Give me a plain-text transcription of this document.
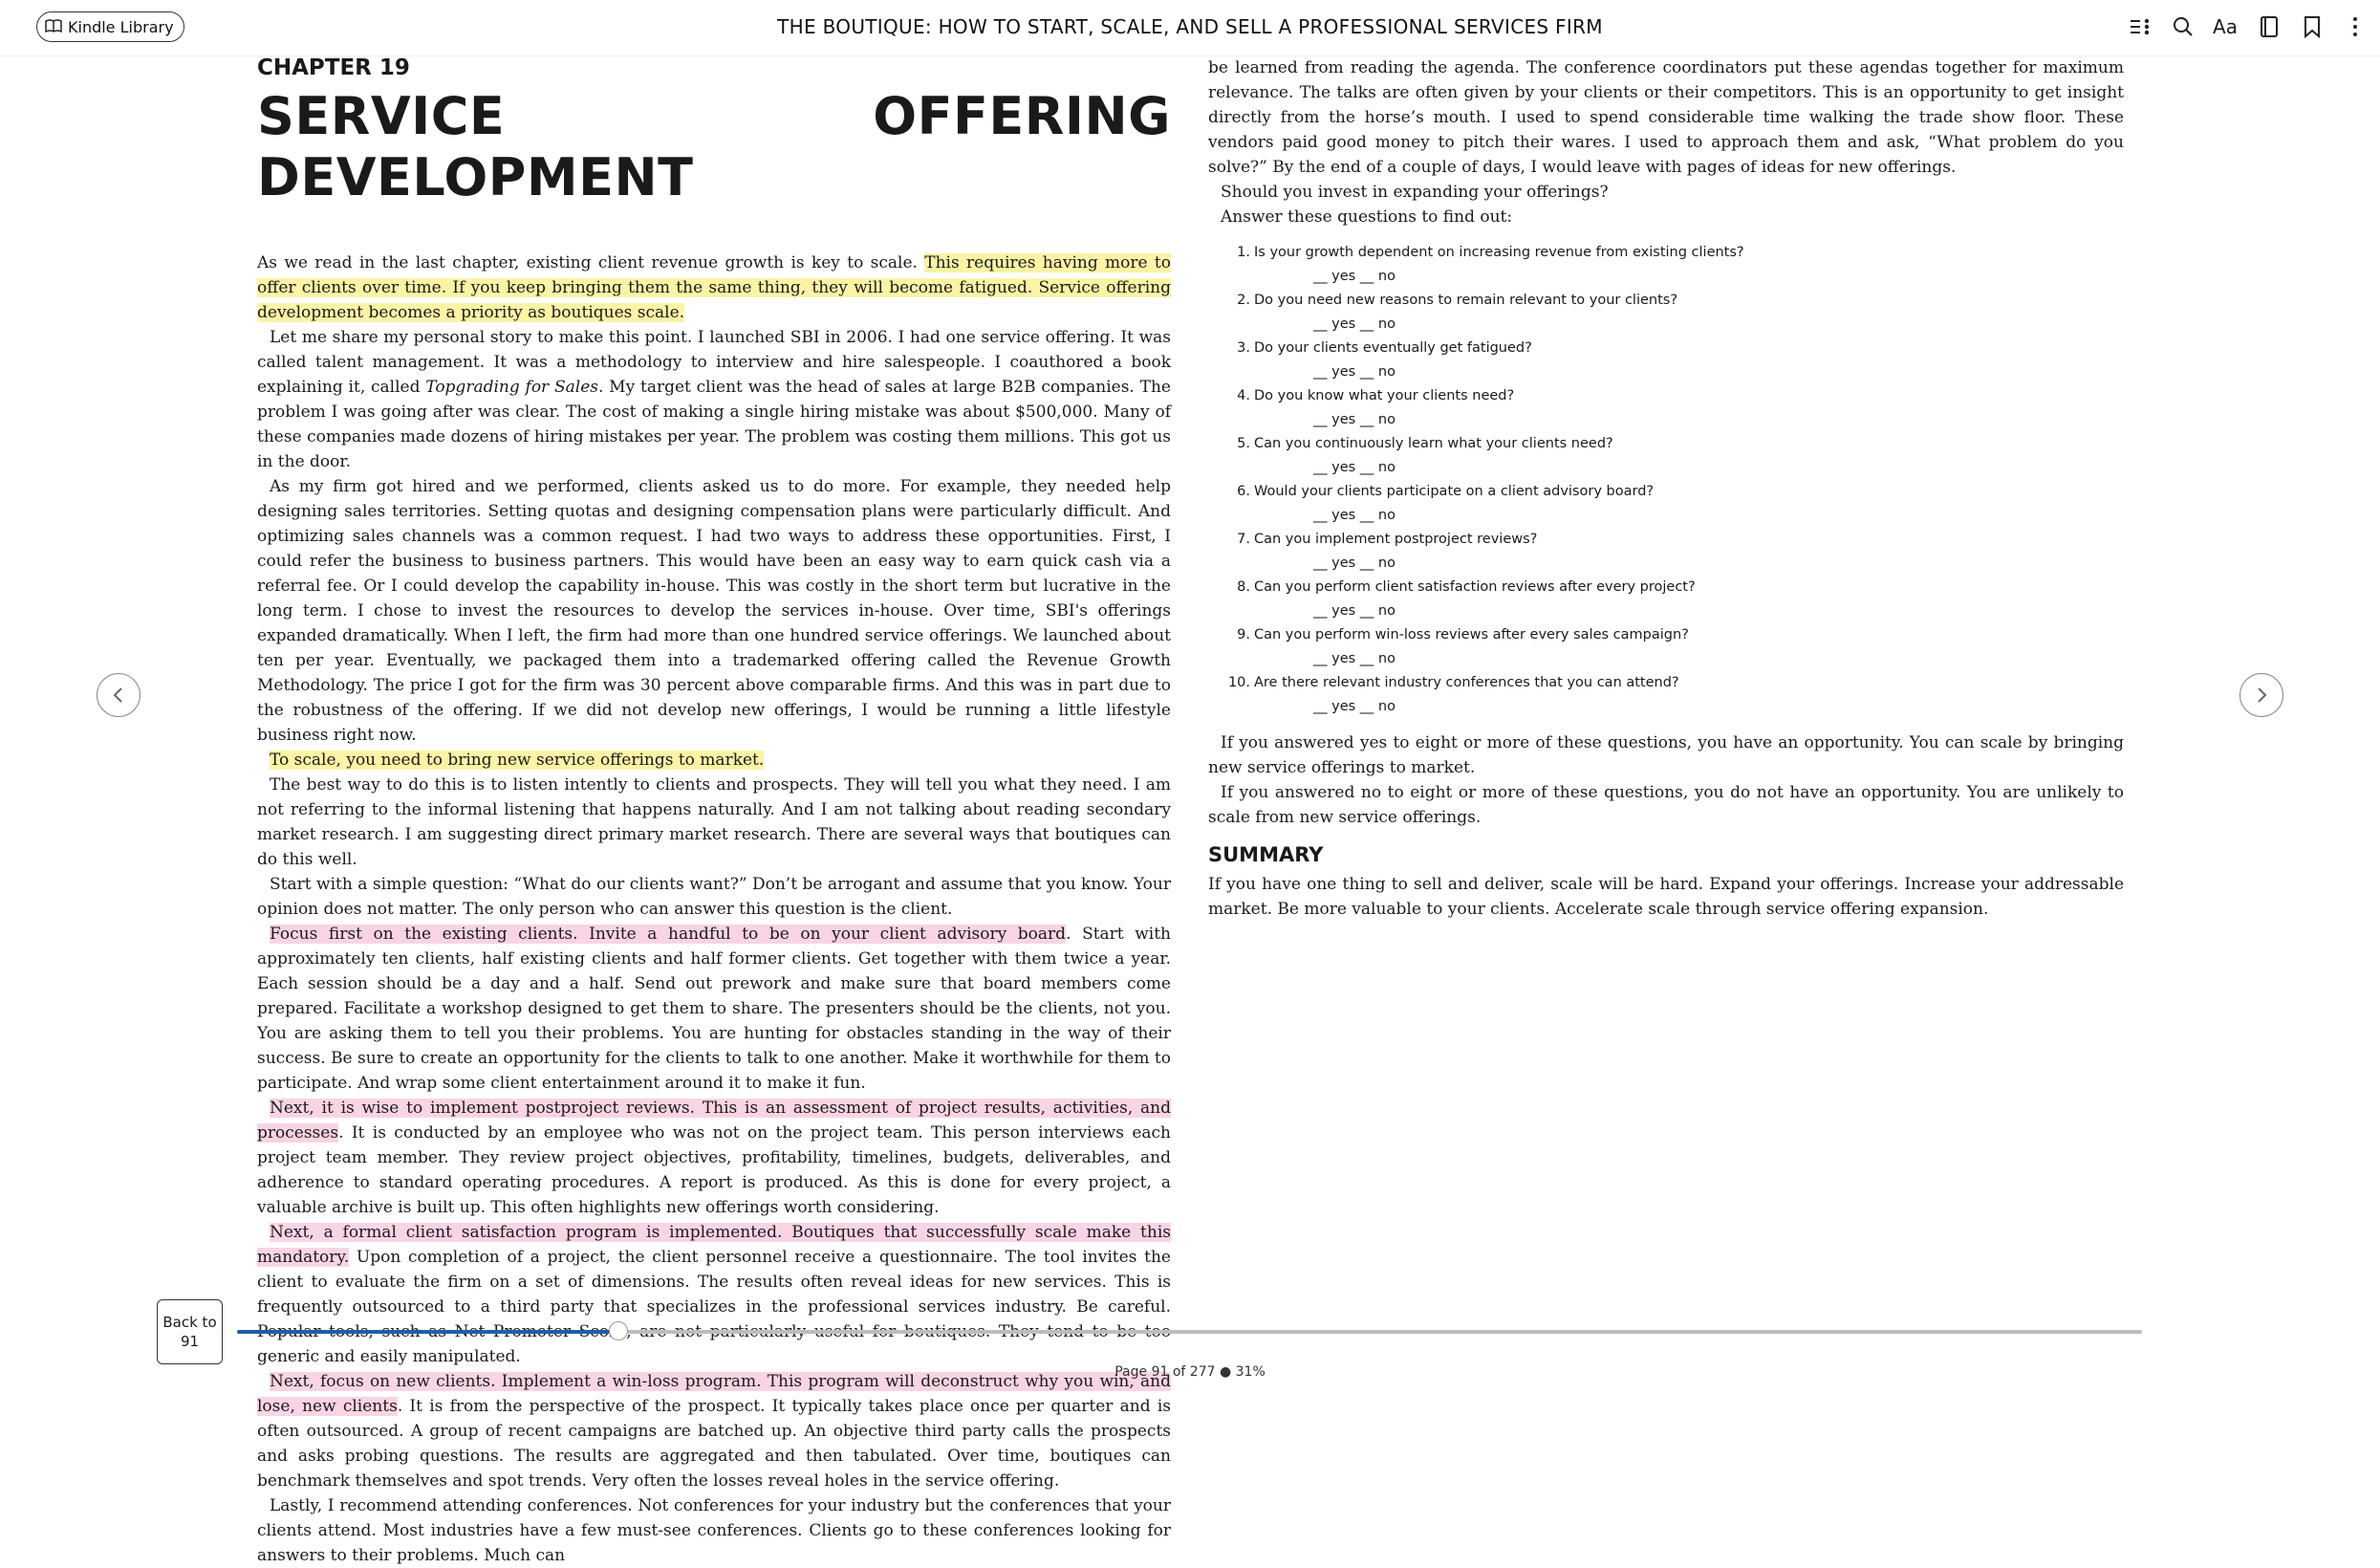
Kindle Library	THE BOUTIQUE: HOW TO START, SCALE, AND SELL A PROFESSIONAL SERVICES FIRM	Aa
CHAPTER 19
SERVICE OFFERING DEVELOPMENT

As we read in the last chapter, existing client revenue growth is key to scale. This requires having more to offer clients over time. If you keep bringing them the same thing, they will become fatigued. Service offering development becomes a priority as boutiques scale.

Let me share my personal story to make this point. I launched SBI in 2006. I had one service offering. It was called talent management. It was a methodology to interview and hire salespeople. I coauthored a book explaining it, called Topgrading for Sales. My target client was the head of sales at large B2B companies. The problem I was going after was clear. The cost of making a single hiring mistake was about $500,000. Many of these companies made dozens of hiring mistakes per year. The problem was costing them millions. This got us in the door.

As my firm got hired and we performed, clients asked us to do more. For example, they needed help designing sales territories. Setting quotas and designing compensation plans were particularly difficult. And optimizing sales channels was a common request. I had two ways to address these opportunities. First, I could refer the business to business partners. This would have been an easy way to earn quick cash via a referral fee. Or I could develop the capability in-house. This was costly in the short term but lucrative in the long term. I chose to invest the resources to develop the services in-house. Over time, SBI's offerings expanded dramatically. When I left, the firm had more than one hundred service offerings. We launched about ten per year. Eventually, we packaged them into a trademarked offering called the Revenue Growth Methodology. The price I got for the firm was 30 percent above comparable firms. And this was in part due to the robustness of the offering. If we did not develop new offerings, I would be running a little lifestyle business right now.

To scale, you need to bring new service offerings to market.

The best way to do this is to listen intently to clients and prospects. They will tell you what they need. I am not referring to the informal listening that happens naturally. And I am not talking about reading secondary market research. I am suggesting direct primary market research. There are several ways that boutiques can do this well.

Start with a simple question: “What do our clients want?” Don’t be arrogant and assume that you know. Your opinion does not matter. The only person who can answer this question is the client.

Focus first on the existing clients. Invite a handful to be on your client advisory board. Start with approximately ten clients, half existing clients and half former clients. Get together with them twice a year. Each session should be a day and a half. Send out prework and make sure that board members come prepared. Facilitate a workshop designed to get them to share. The presenters should be the clients, not you. You are asking them to tell you their problems. You are hunting for obstacles standing in the way of their success. Be sure to create an opportunity for the clients to talk to one another. Make it worthwhile for them to participate. And wrap some client entertainment around it to make it fun.

Next, it is wise to implement postproject reviews. This is an assessment of project results, activities, and processes. It is conducted by an employee who was not on the project team. This person interviews each project team member. They review project objectives, profitability, timelines, budgets, deliverables, and adherence to standard operating procedures. A report is produced. As this is done for every project, a valuable archive is built up. This often highlights new offerings worth considering.

Next, a formal client satisfaction program is implemented. Boutiques that successfully scale make this mandatory. Upon completion of a project, the client personnel receive a questionnaire. The tool invites the client to evaluate the firm on a set of dimensions. The results often reveal ideas for new services. This is frequently outsourced to a third party that specializes in the professional services industry. Be careful. generic and easily manipulated.

Next, focus on new clients. Implement a win-loss program. This program will deconstruct why you win, and lose, new clients. It is from the perspective of the prospect. It typically takes place once per quarter and is often outsourced. A group of recent campaigns are batched up. An objective third party calls the prospects and asks probing questions. The results are aggregated and then tabulated. Over time, boutiques can benchmark themselves and spot trends. Very often the losses reveal holes in the service offering.

Lastly, I recommend attending conferences. Not conferences for your industry but the conferences that your clients attend. Most industries have a few must-see conferences. Clients go to these conferences looking for answers to their problems. Much can

be learned from reading the agenda. The conference coordinators put these agendas together for maximum relevance. The talks are often given by your clients or their competitors. This is an opportunity to get insight directly from the horse’s mouth. I used to spend considerable time walking the trade show floor. These vendors paid good money to pitch their wares. I used to approach them and ask, “What problem do you solve?” By the end of a couple of days, I would leave with pages of ideas for new offerings.

Should you invest in expanding your offerings?

Answer these questions to find out:

1. Is your growth dependent on increasing revenue from existing clients?
__ yes __ no
2. Do you need new reasons to remain relevant to your clients?
__ yes __ no
3. Do your clients eventually get fatigued?
__ yes __ no
4. Do you know what your clients need?
__ yes __ no
5. Can you continuously learn what your clients need?
__ yes __ no
6. Would your clients participate on a client advisory board?
__ yes __ no
7. Can you implement postproject reviews?
__ yes __ no
8. Can you perform client satisfaction reviews after every project?
__ yes __ no
9. Can you perform win-loss reviews after every sales campaign?
__ yes __ no
10. Are there relevant industry conferences that you can attend?
__ yes __ no

If you answered yes to eight or more of these questions, you have an opportunity. You can scale by bringing new service offerings to market.

If you answered no to eight or more of these questions, you do not have an opportunity. You are unlikely to scale from new service offerings.

SUMMARY

If you have one thing to sell and deliver, scale will be hard. Expand your offerings. Increase your addressable market. Be more valuable to your clients. Accelerate scale through service offering expansion.

Back to
91
Page 91 of 277 ● 31%
